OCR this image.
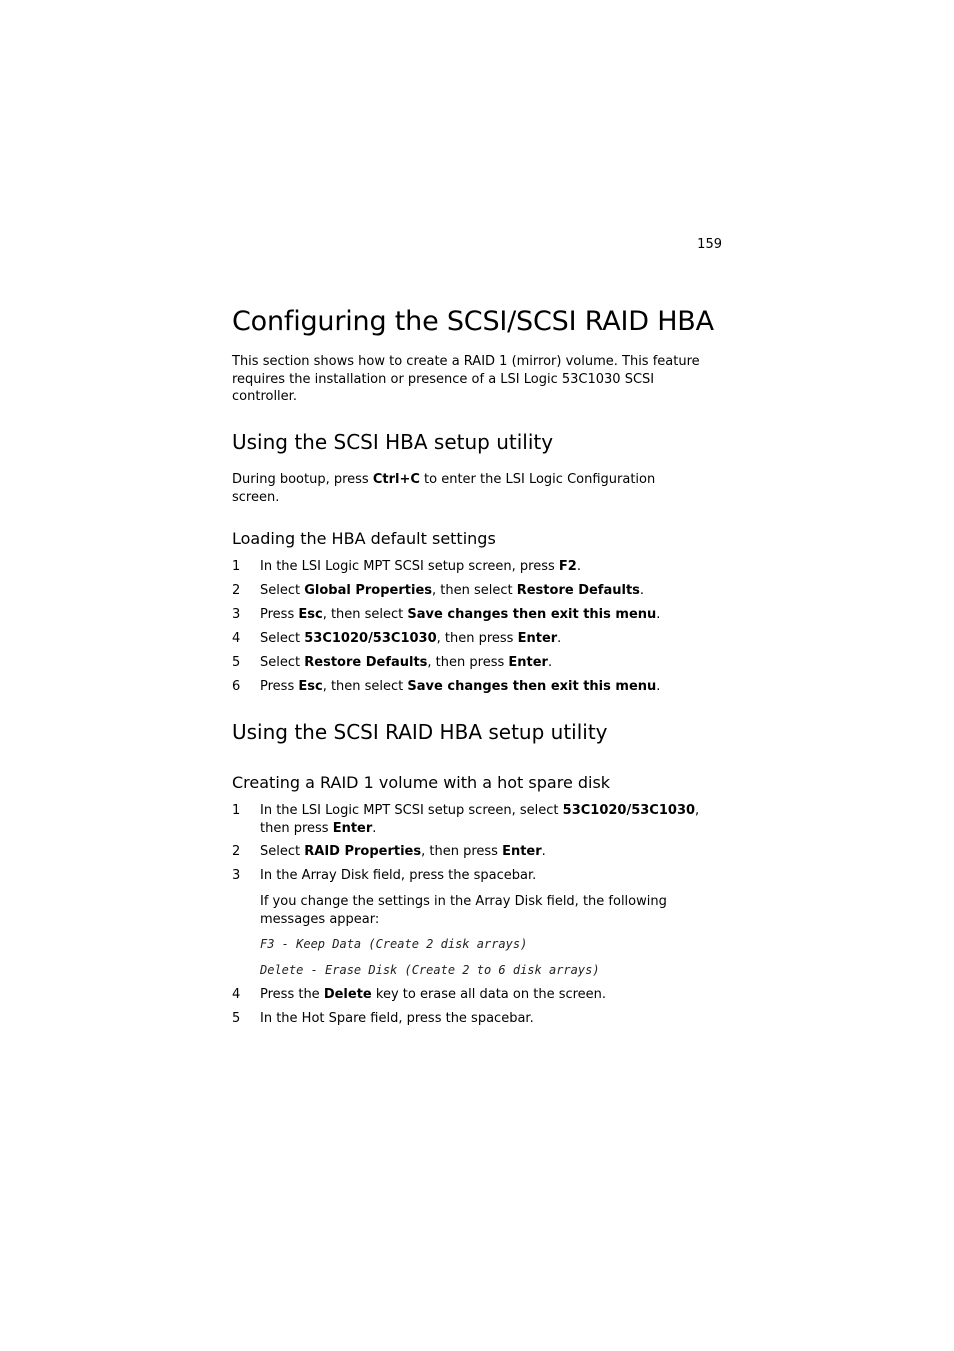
159
Configuring the SCSI/SCSI RAID HBA

This section shows how to create a RAID 1 (mirror) volume. This feature requires the installation or presence of a LSI Logic 53C1030 SCSI controller.

Using the SCSI HBA setup utility

During bootup, press Ctrl+C to enter the LSI Logic Configuration screen.

Loading the HBA default settings
1 In the LSI Logic MPT SCSI setup screen, press F2.
2 Select Global Properties, then select Restore Defaults.
3 Press Esc, then select Save changes then exit this menu.
4 Select 53C1020/53C1030, then press Enter.
5 Select Restore Defaults, then press Enter.
6 Press Esc, then select Save changes then exit this menu.
Using the SCSI RAID HBA setup utility
Creating a RAID 1 volume with a hot spare disk
1 In the LSI Logic MPT SCSI setup screen, select 53C1020/53C1030, then press Enter.
2 Select RAID Properties, then press Enter.
3 In the Array Disk field, press the spacebar.

If you change the settings in the Array Disk field, the following messages appear:

F3 - Keep Data (Create 2 disk arrays)
Delete - Erase Disk (Create 2 to 6 disk arrays)
4 Press the Delete key to erase all data on the screen.
5 In the Hot Spare field, press the spacebar.
